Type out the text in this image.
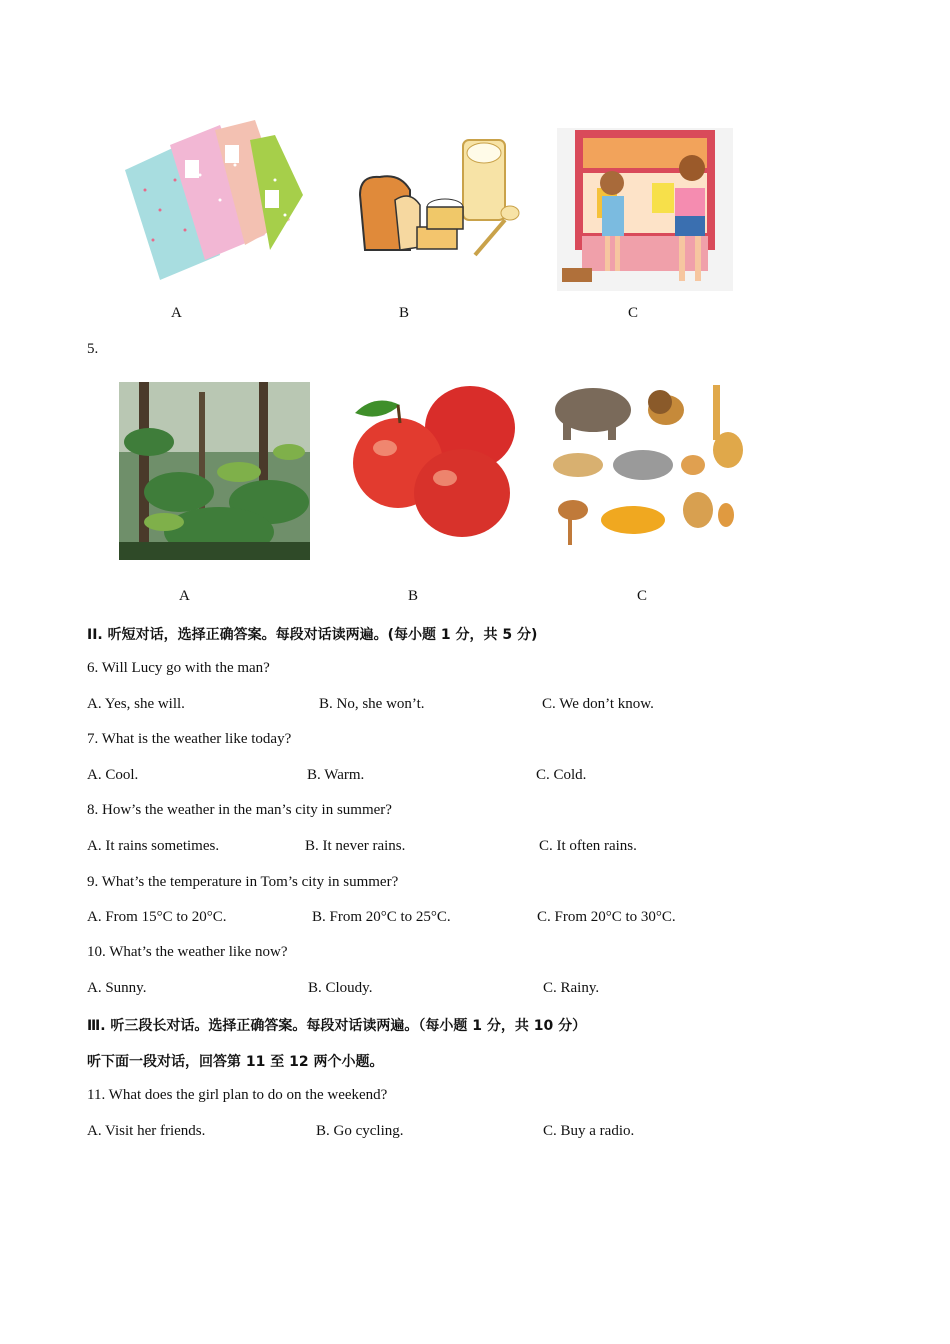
A	B	C
5.
A	B	C
II. 听短对话，选择正确答案。每段对话读两遍。(每小题 1 分，共 5 分)
6. Will Lucy go with the man?
A. Yes, she will.	B. No, she won’t.	C. We don’t know.
7. What is the weather like today?
A. Cool.	B. Warm.	C. Cold.
8. How’s the weather in the man’s city in summer?
A. It rains sometimes.	B. It never rains.	C. It often rains.
9. What’s the temperature in Tom’s city in summer?
A. From 15°C to 20°C.	B. From 20°C to 25°C.	C. From 20°C to 30°C.
10. What’s the weather like now?
A. Sunny.	B. Cloudy.	C. Rainy.
Ⅲ. 听三段长对话。选择正确答案。每段对话读两遍。（每小题 1 分，共 10 分）
听下面一段对话，回答第 11 至 12 两个小题。
11. What does the girl plan to do on the weekend?
A. Visit her friends.	B. Go cycling.	C. Buy a radio.
